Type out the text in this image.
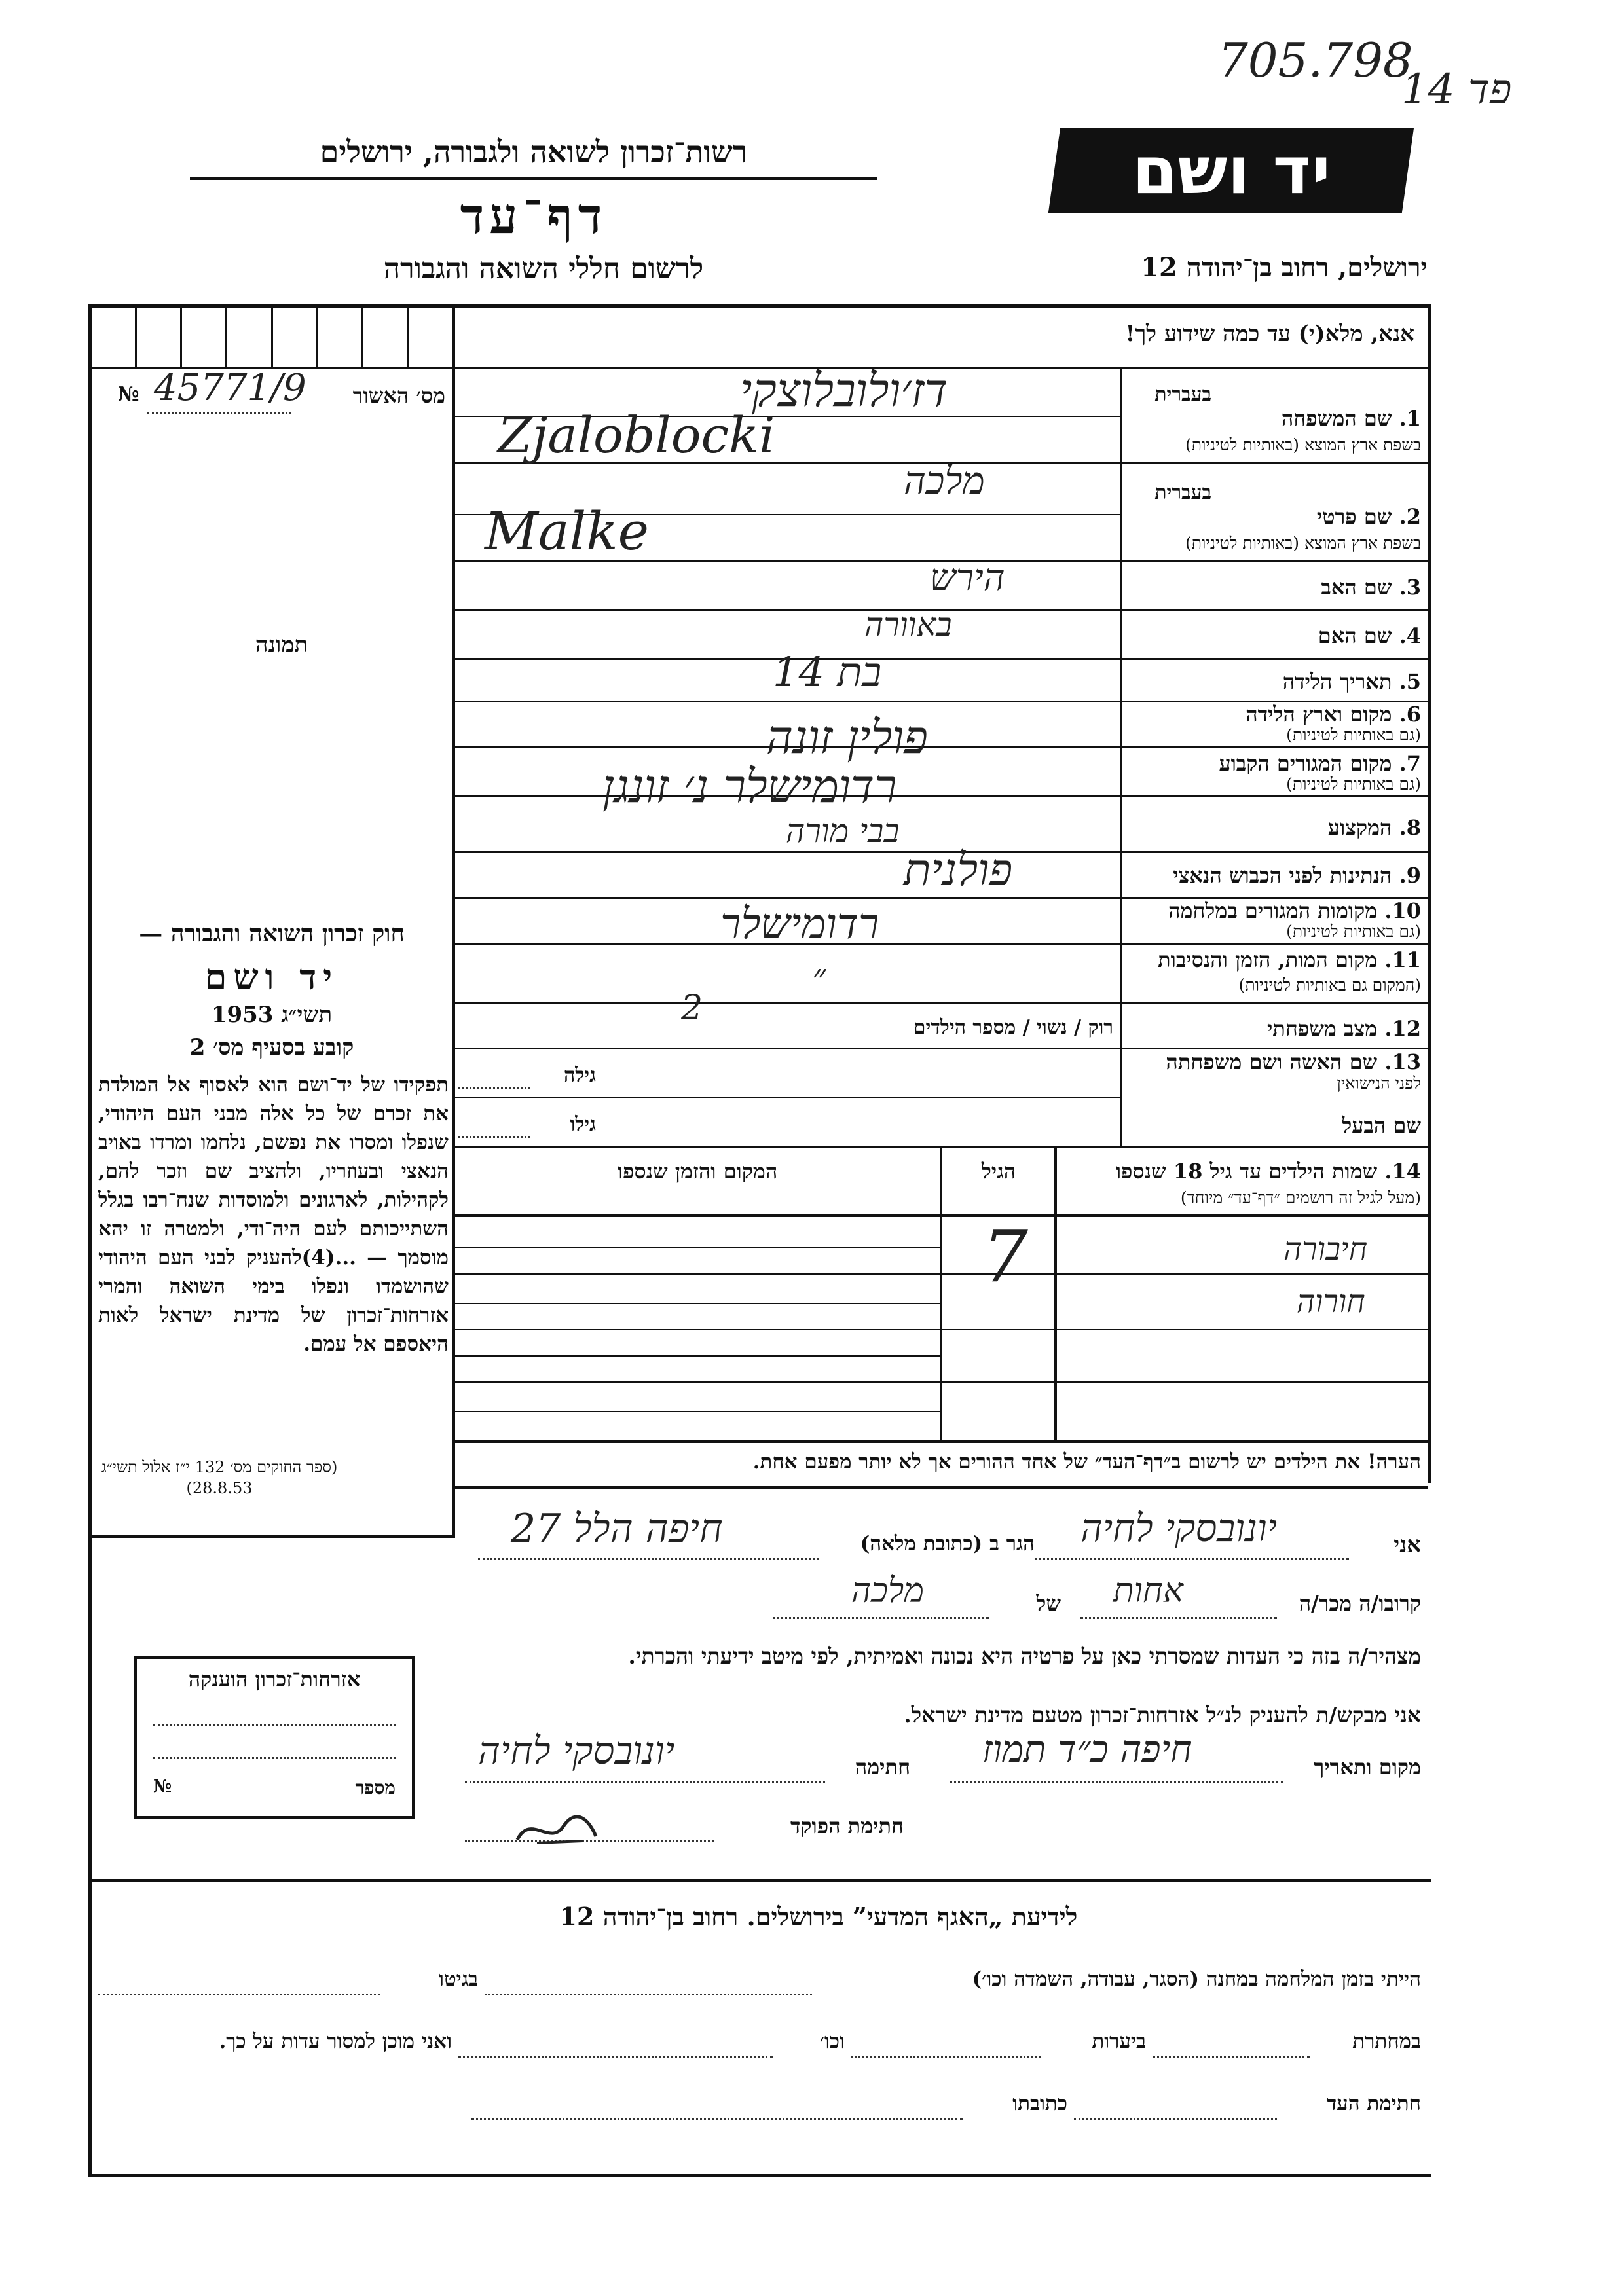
705.798
14 פד
רשות־זכרון לשואה ולגבורה, ירושלים
דף־עד
לרשום חללי השואה והגבורה
יד ושם
ירושלים, רחוב בן־יהודה 12
מס׳ האשור
№ 45771/9
תמונה
חוק זכרון השואה והגבורה —
יד ושם
תשי״ג 1953
קובע בסעיף מס׳ 2
תפקידו של יד־ושם הוא לאסוף אל המולדת את זכרם של כל אלה מבני העם היהודי, שנפלו ומסרו את נפשם, נלחמו ומרדו באויב הנאצי ובעוזריו, ולהציב שם וזכר להם, לקהילות, לארגונים ולמוסדות שנח־רבו בגלל השתייכותם לעם היה־ודי, ולמטרה זו יהא מוסמך — ...(4)להעניק לבני העם היהודי שהושמדו ונפלו בימי השואה והמרי אזרחות־זכרון של מדינת ישראל לאות היאספם אל עמם.
(ספר החוקים מס׳ 132 י״ז אלול תשי״ג 28.8.53)
אזרחות־זכרון הוענקה
מספר
№
אנא, מלא(י) עד כמה שידוע לך!
בעברית
1. שם המשפחה
בשפת ארץ המוצא (באותיות לטיניות)
בעברית
2. שם פרטי
בשפת ארץ המוצא (באותיות לטיניות)
3. שם האב
4. שם האם
5. תאריך הלידה
6. מקום וארץ הלידה
(גם באותיות לטיניות)
7. מקום המגורים הקבוע
(גם באותיות לטיניות)
8. המקצוע
9. הנתינות לפני הכבוש הנאצי
10. מקומות המגורים במלחמה
(גם באותיות לטיניות)
11. מקום המות, הזמן והנסיבות
(המקום גם באותיות לטיניות)
12. מצב משפחתי
13. שם האשה ושם משפחתה
לפני הנישואין
שם הבעל
רוק / נשוי / מספר הילדים
2
גילה
גילו
דז׳ולובלוצקי
Zjaloblocki
מלכה
Malke
הירש
באוורה
בת 14
פולין זונה
רדומישלר נ׳ זונגן
בבי מורה
פולנית
רדומישלר
״
14. שמות הילדים עד גיל 18 שנספו
(מעל לגיל זה רושמים ״דף־עד״ מיוחד)
הגיל
המקום והזמן שנספו
חיבורה
7
חורוה
הערה! את הילדים יש לרשום ב״דף־העד״ של אחד ההורים אך לא יותר מפעם אחת.
אני
יונובסקי לחיה
הגר ב (כתובת מלאה)
חיפה הלל 27
קרובו/ה מכר/ה
אחות
של
מלכה
מצהיר/ה בזה כי העדות שמסרתי כאן על פרטיה היא נכונה ואמיתית, לפי מיטב ידיעתי והכרתי.
אני מבקש/ת להעניק לנ״ל אזרחות־זכרון מטעם מדינת ישראל.
מקום ותאריך
חיפה כ״ד תמוז
חתימה
יונובסקי לחיה
חתימת הפוקד
לידיעת „האגף המדעי” בירושלים. רחוב בן־יהודה 12
הייתי בזמן המלחמה במחנה (הסגר, עבודה, השמדה וכו׳)
בגיטו
במחתרת
ביערות
וכו׳
ואני מוכן למסור עדות על כך.
חתימת העד
כתובתו
